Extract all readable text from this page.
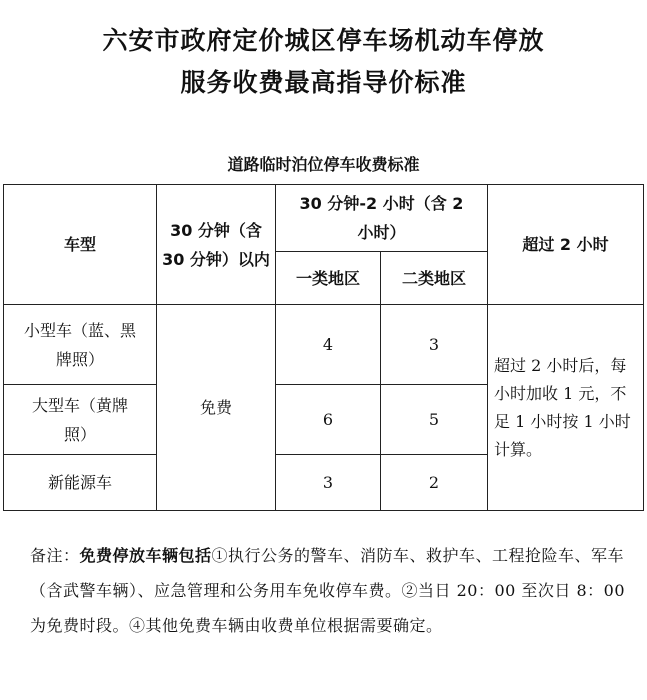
六安市政府定价城区停车场机动车停放
服务收费最高指导价标准
道路临时泊位停车收费标准
车型	30 分钟（含 30 分钟）以内	30 分钟-2 小时（含 2 小时）		超过 2 小时
		一类地区	二类地区	
小型车（蓝、黑牌照）	免费	4	3	超过 2 小时后，每小时加收 1 元，不足 1 小时按 1 小时计算。
大型车（黄牌照）		6	5	
新能源车		3	2	
备注：免费停放车辆包括①执行公务的警车、消防车、救护车、工程抢险车、军车（含武警车辆）、应急管理和公务用车免收停车费。②当日 20：00 至次日 8：00 为免费时段。④其他免费车辆由收费单位根据需要确定。
